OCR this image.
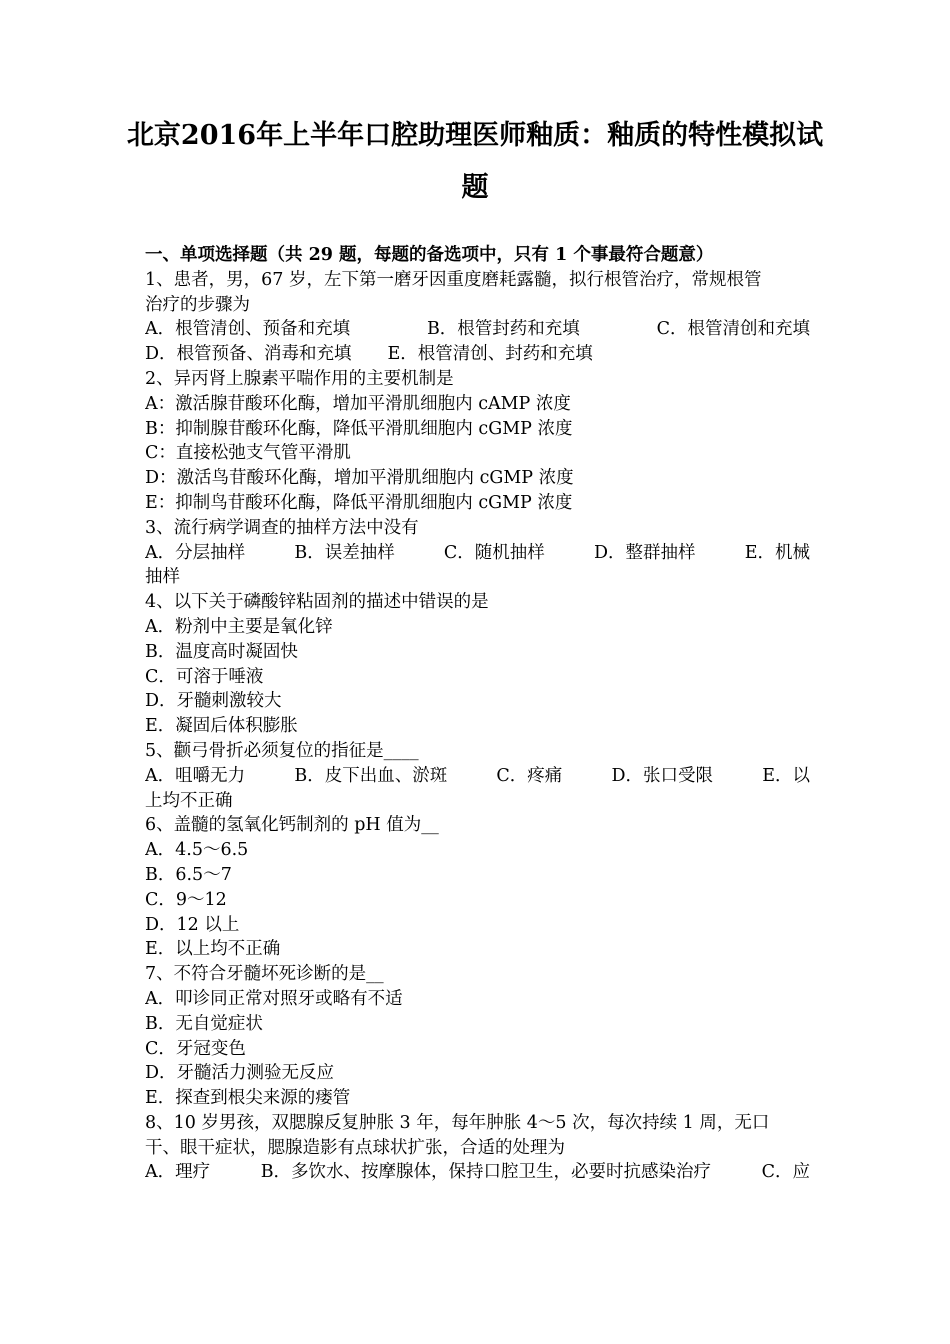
北京2016年上半年口腔助理医师釉质：釉质的特性模拟试
题
一、单项选择题（共 29 题，每题的备选项中，只有 1 个事最符合题意）
1、患者，男，67 岁，左下第一磨牙因重度磨耗露髓，拟行根管治疗，常规根管
治疗的步骤为
A．根管清创、预备和充填	B．根管封药和充填	C．根管清创和充填
D．根管预备、消毒和充填 E．根管清创、封药和充填
2、异丙肾上腺素平喘作用的主要机制是
A：激活腺苷酸环化酶，增加平滑肌细胞内 cAMP 浓度
B：抑制腺苷酸环化酶，降低平滑肌细胞内 cGMP 浓度
C：直接松弛支气管平滑肌
D：激活鸟苷酸环化酶，增加平滑肌细胞内 cGMP 浓度
E：抑制鸟苷酸环化酶，降低平滑肌细胞内 cGMP 浓度
3、流行病学调查的抽样方法中没有
A．分层抽样	B．误差抽样	C．随机抽样	D．整群抽样	E．机械
抽样
4、以下关于磷酸锌粘固剂的描述中错误的是
A．粉剂中主要是氧化锌
B．温度高时凝固快
C．可溶于唾液
D．牙髓刺激较大
E．凝固后体积膨胀
5、颧弓骨折必须复位的指征是____
A．咀嚼无力	B．皮下出血、淤斑	C．疼痛	D．张口受限	E．以
上均不正确
6、盖髓的氢氧化钙制剂的 pH 值为__
A．4.5～6.5
B．6.5～7
C．9～12
D．12 以上
E．以上均不正确
7、不符合牙髓坏死诊断的是__
A．叩诊同正常对照牙或略有不适
B．无自觉症状
C．牙冠变色
D．牙髓活力测验无反应
E．探查到根尖来源的瘘管
8、10 岁男孩，双腮腺反复肿胀 3 年，每年肿胀 4～5 次，每次持续 1 周，无口
干、眼干症状，腮腺造影有点球状扩张，合适的处理为
A．理疗	B．多饮水、按摩腺体，保持口腔卫生，必要时抗感染治疗	C．应
